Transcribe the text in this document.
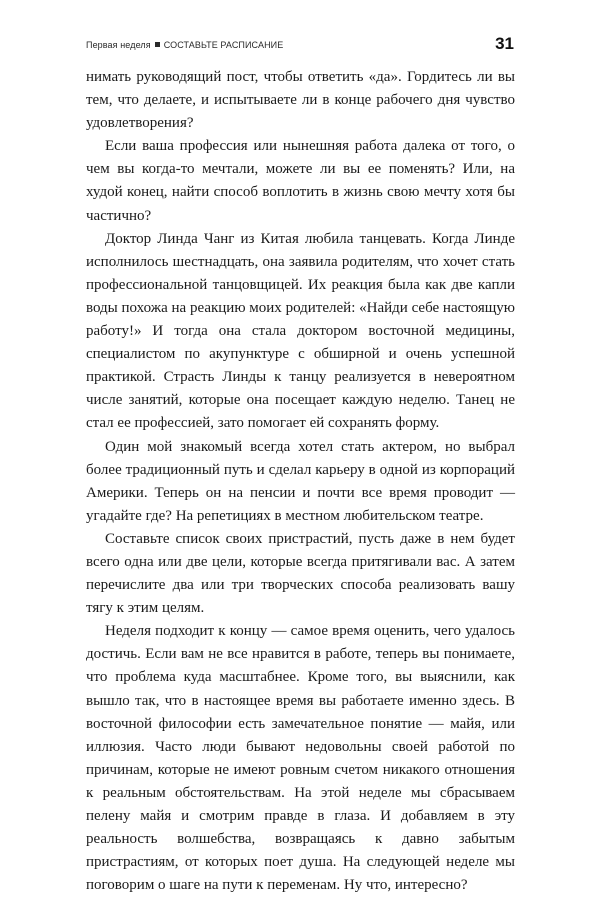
Первая неделя СОСТАВЬТЕ РАСПИСАНИЕ	31

нимать руководящий пост, чтобы ответить «да». Гордитесь ли вы тем, что делаете, и испытываете ли в конце рабочего дня чувство удовлетворения?

Если ваша профессия или нынешняя работа далека от того, о чем вы когда-то мечтали, можете ли вы ее поменять? Или, на худой конец, найти способ воплотить в жизнь свою мечту хотя бы частично?

Доктор Линда Чанг из Китая любила танцевать. Когда Линде исполнилось шестнадцать, она заявила родителям, что хочет стать профессиональной танцовщицей. Их реакция была как две капли воды похожа на реакцию моих родителей: «Найди себе настоящую работу!» И тогда она стала доктором восточной медицины, специалистом по акупунктуре с обширной и очень успешной практикой. Страсть Линды к танцу реализуется в невероятном числе занятий, которые она посещает каждую неделю. Танец не стал ее профессией, зато помогает ей сохранять форму.

Один мой знакомый всегда хотел стать актером, но выбрал более традиционный путь и сделал карьеру в одной из корпораций Америки. Теперь он на пенсии и почти все время проводит — угадайте где? На репетициях в местном любительском театре.

Составьте список своих пристрастий, пусть даже в нем будет всего одна или две цели, которые всегда притягивали вас. А затем перечислите два или три творческих способа реализовать вашу тягу к этим целям.

Неделя подходит к концу — самое время оценить, чего удалось достичь. Если вам не все нравится в работе, теперь вы понимаете, что проблема куда масштабнее. Кроме того, вы выяснили, как вышло так, что в настоящее время вы работаете именно здесь. В восточной философии есть замечательное понятие — майя, или иллюзия. Часто люди бывают недовольны своей работой по причинам, которые не имеют ровным счетом никакого отношения к реальным обстоятельствам. На этой неделе мы сбрасываем пелену майя и смотрим правде в глаза. И добавляем в эту реальность волшебства, возвращаясь к давно забытым пристрастиям, от которых поет душа. На следующей неделе мы поговорим о шаге на пути к переменам. Ну что, интересно?
